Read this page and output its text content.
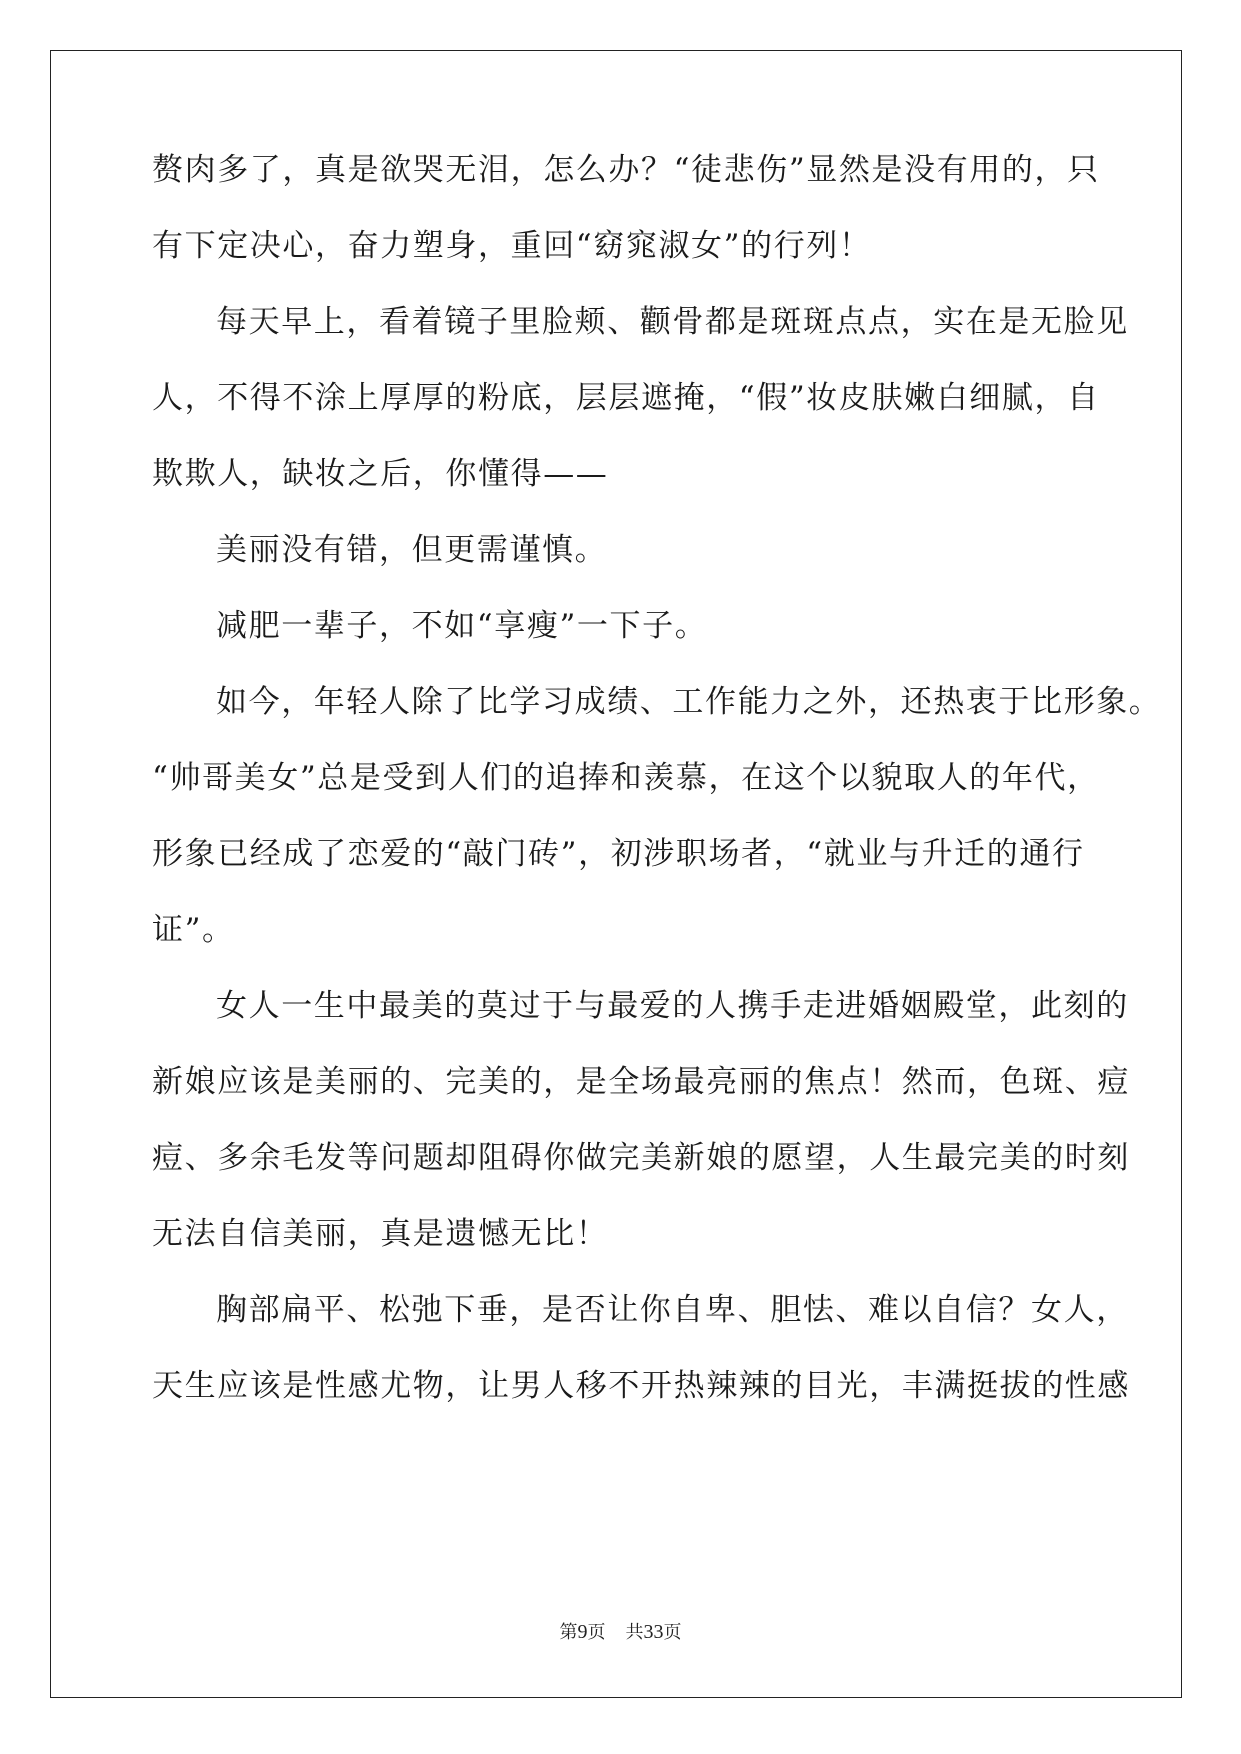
赘肉多了，真是欲哭无泪，怎么办？“徒悲伤”显然是没有用的，只
有下定决心，奋力塑身，重回“窈窕淑女”的行列！
每天早上，看着镜子里脸颊、颧骨都是斑斑点点，实在是无脸见
人，不得不涂上厚厚的粉底，层层遮掩，“假”妆皮肤嫩白细腻，自
欺欺人，缺妆之后，你懂得——
美丽没有错，但更需谨慎。
减肥一辈子，不如“享瘦”一下子。
如今，年轻人除了比学习成绩、工作能力之外，还热衷于比形象。
“帅哥美女”总是受到人们的追捧和羡慕，在这个以貌取人的年代，
形象已经成了恋爱的“敲门砖”，初涉职场者，“就业与升迁的通行
证”。
女人一生中最美的莫过于与最爱的人携手走进婚姻殿堂，此刻的
新娘应该是美丽的、完美的，是全场最亮丽的焦点！然而，色斑、痘
痘、多余毛发等问题却阻碍你做完美新娘的愿望，人生最完美的时刻
无法自信美丽，真是遗憾无比！
胸部扁平、松弛下垂，是否让你自卑、胆怯、难以自信？女人，
天生应该是性感尤物，让男人移不开热辣辣的目光，丰满挺拔的性感
第9页 共33页
